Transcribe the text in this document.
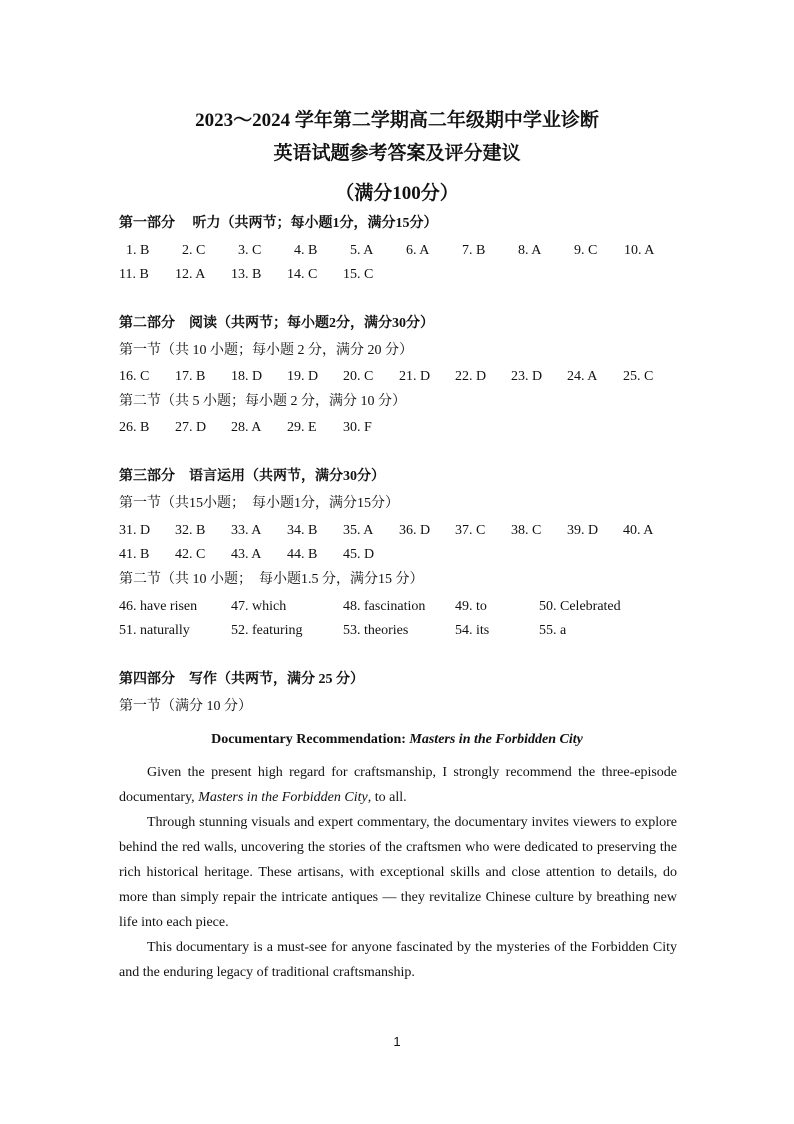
2023～2024 学年第二学期高二年级期中学业诊断
英语试题参考答案及评分建议
（满分100分）
第一部分　 听力（共两节；每小题1分，满分15分）
1. B 2. C 3. C 4. B 5. A 6. A 7. B 8. A 9. C 10. A
11. B 12. A 13. B 14. C 15. C
第二部分　阅读（共两节；每小题2分，满分30分）
第一节（共 10 小题；每小题 2 分，满分 20 分）
16. C 17. B 18. D 19. D 20. C 21. D 22. D 23. D 24. A 25. C
第二节（共 5 小题；每小题 2 分，满分 10 分）
26. B 27. D 28. A 29. E 30. F
第三部分　语言运用（共两节，满分30分）
第一节（共15小题；　每小题1分，满分15分）
31. D 32. B 33. A 34. B 35. A 36. D 37. C 38. C 39. D 40. A
41. B 42. C 43. A 44. B 45. D
第二节（共 10 小题；　每小题1.5 分，满分15 分）
46. have risen 47. which	48. fascination 49. to	50. Celebrated
51. naturally	52. featuring	53. theories	54. its	55. a
第四部分　写作（共两节，满分 25 分）
第一节（满分 10 分）
Documentary Recommendation: Masters in the Forbidden City

Given the present high regard for craftsmanship, I strongly recommend the three-episode documentary, Masters in the Forbidden City, to all.

Through stunning visuals and expert commentary, the documentary invites viewers to explore behind the red walls, uncovering the stories of the craftsmen who were dedicated to preserving the rich historical heritage. These artisans, with exceptional skills and close attention to details, do more than simply repair the intricate antiques — they revitalize Chinese culture by breathing new life into each piece.

This documentary is a must-see for anyone fascinated by the mysteries of the Forbidden City and the enduring legacy of traditional craftsmanship.

1
